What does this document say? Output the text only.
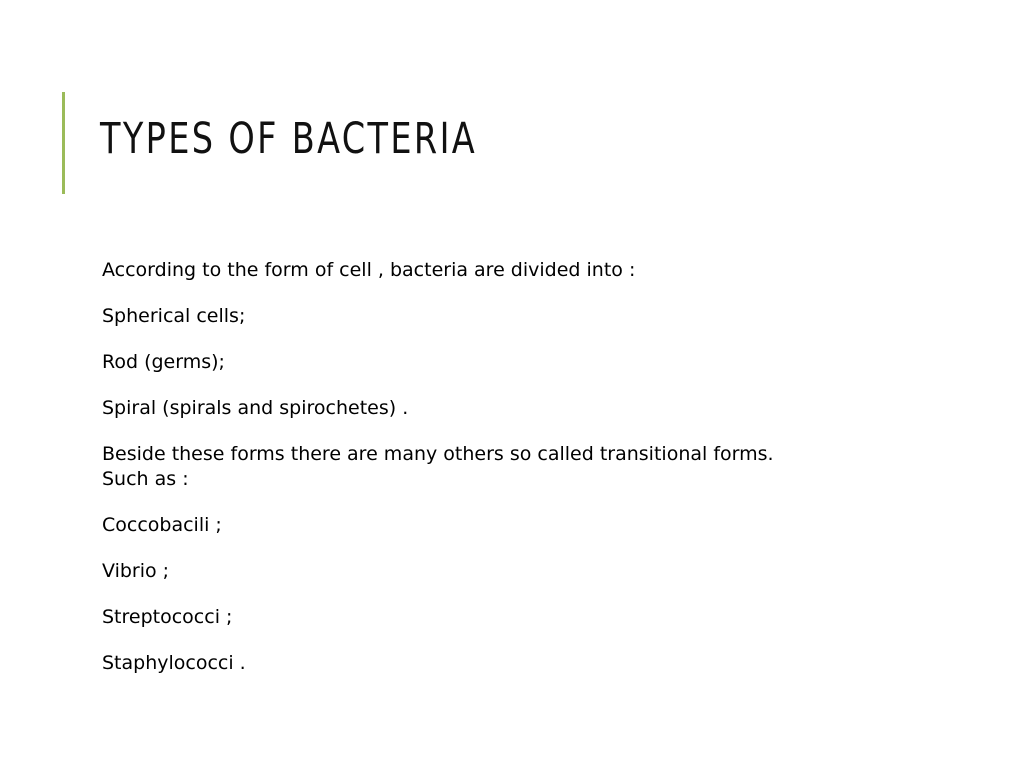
TYPES OF BACTERIA

According to the form of cell , bacteria are divided into :

Spherical cells;

Rod (germs);

Spiral (spirals and spirochetes) .

Beside these forms there are many others so called transitional forms.
Such as :

Coccobacili ;

Vibrio ;

Streptococci ;

Staphylococci .
